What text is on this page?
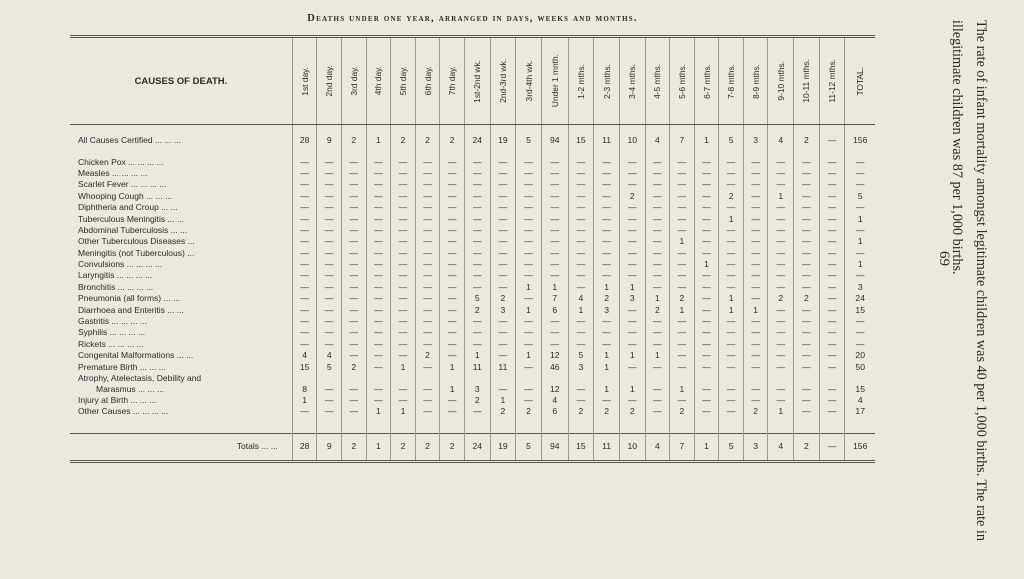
Deaths under one year, arranged in days, weeks and months.
CAUSES OF DEATH.	1st day.	2nd day.	3rd day.	4th day.	5th day.	6th day.	7th day.	1st-2nd wk.	2nd-3rd wk.	3rd-4th wk.	Under 1 mnth.	1-2 mths.	2-3 mths.	3-4 mths.	4-5 mths.	5-6 mths.	6-7 mths.	7-8 mths.	8-9 mths.	9-10 mths.	10-11 mths.	11-12 mths.	TOTAL.

All Causes Certified ... ... ...	28	9	2	1	2	2	2	24	19	5	94	15	11	10	4	7	1	5	3	4	2	—	156

Chicken Pox ... ... ... ...	—	—	—	—	—	—	—	—	—	—	—	—	—	—	—	—	—	—	—	—	—	—	—
Measles ... ... ... ...	—	—	—	—	—	—	—	—	—	—	—	—	—	—	—	—	—	—	—	—	—	—	—
Scarlet Fever ... ... ... ...	—	—	—	—	—	—	—	—	—	—	—	—	—	—	—	—	—	—	—	—	—	—	—
Whooping Cough ... ... ...	—	—	—	—	—	—	—	—	—	—	—	—	—	2	—	—	—	2	—	1	—	—	5
Diphtheria and Croup ... ...	—	—	—	—	—	—	—	—	—	—	—	—	—	—	—	—	—	—	—	—	—	—	—
Tuberculous Meningitis ... ...	—	—	—	—	—	—	—	—	—	—	—	—	—	—	—	—	—	1	—	—	—	—	1
Abdominal Tuberculosis ... ...	—	—	—	—	—	—	—	—	—	—	—	—	—	—	—	—	—	—	—	—	—	—	—
Other Tuberculous Diseases ...	—	—	—	—	—	—	—	—	—	—	—	—	—	—	—	1	—	—	—	—	—	—	1
Meningitis (not Tuberculous) ...	—	—	—	—	—	—	—	—	—	—	—	—	—	—	—	—	—	—	—	—	—	—	—
Convulsions ... ... ... ...	—	—	—	—	—	—	—	—	—	—	—	—	—	—	—	—	1	—	—	—	—	—	1
Laryngitis ... ... ... ...	—	—	—	—	—	—	—	—	—	—	—	—	—	—	—	—	—	—	—	—	—	—	—
Bronchitis ... ... ... ...	—	—	—	—	—	—	—	—	—	1	1	—	1	1	—	—	—	—	—	—	—	—	3
Pneumonia (all forms) ... ...	—	—	—	—	—	—	—	5	2	—	7	4	2	3	1	2	—	1	—	2	2	—	24
Diarrhoea and Enteritis ... ...	—	—	—	—	—	—	—	2	3	1	6	1	3	—	2	1	—	1	1	—	—	—	15
Gastritis ... ... ... ...	—	—	—	—	—	—	—	—	—	—	—	—	—	—	—	—	—	—	—	—	—	—	—
Syphilis ... ... ... ...	—	—	—	—	—	—	—	—	—	—	—	—	—	—	—	—	—	—	—	—	—	—	—
Rickets ... ... ... ...	—	—	—	—	—	—	—	—	—	—	—	—	—	—	—	—	—	—	—	—	—	—	—
Congenital Malformations ... ...	4	4	—	—	—	2	—	1	—	1	12	5	1	1	1	—	—	—	—	—	—	—	20
Premature Birth ... ... ...	15	5	2	—	1	—	1	11	11	—	46	3	1	—	—	—	—	—	—	—	—	—	50

Atrophy, Atelectasis, Debility and
Marasmus ... ... ...	8	—	—	—	—	—	1	3	—	—	12	—	1	1	—	1	—	—	—	—	—	—	15
Injury at Birth ... ... ...	1	—	—	—	—	—	—	2	1	—	4	—	—	—	—	—	—	—	—	—	—	—	4
Other Causes ... ... ... ...	—	—	—	1	1	—	—	—	2	2	6	2	2	2	—	2	—	—	2	1	—	—	17

Totals ... ...	28	9	2	1	2	2	2	24	19	5	94	15	11	10	4	7	1	5	3	4	2	—	156
69	The rate of infant mortality amongst legitimate children was 40 per 1,000 births. The rate in illegitimate children was 87 per 1,000 births.
